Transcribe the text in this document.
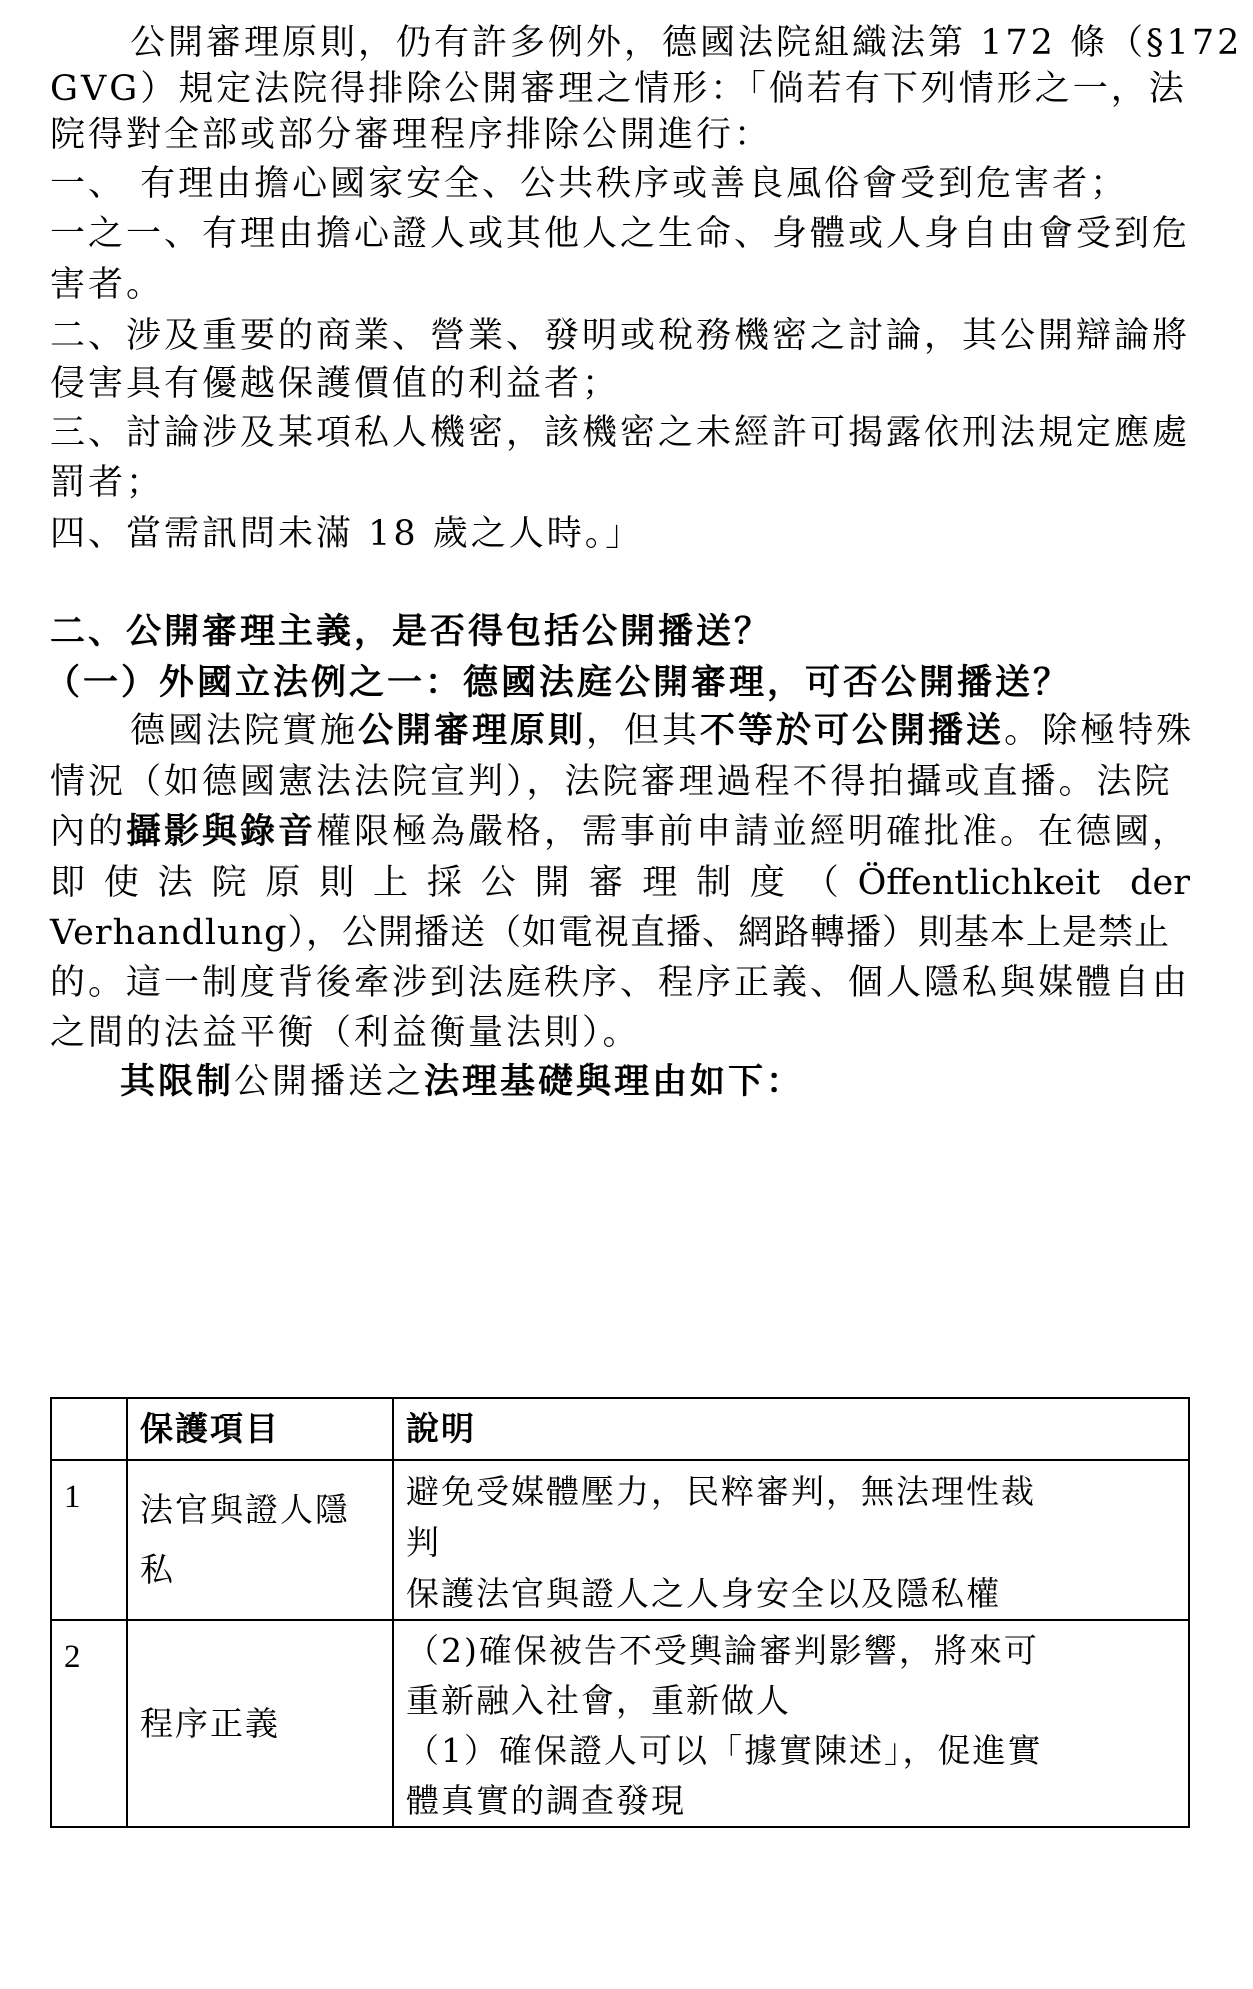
公開審理原則，仍有許多例外，德國法院組織法第 172 條（§172
GVG）規定法院得排除公開審理之情形：「倘若有下列情形之一，法
院得對全部或部分審理程序排除公開進行：
一、 有理由擔心國家安全、公共秩序或善良風俗會受到危害者；
一之一、有理由擔心證人或其他人之生命、身體或人身自由會受到危
害者。
二、涉及重要的商業、營業、發明或稅務機密之討論，其公開辯論將
侵害具有優越保護價值的利益者；
三、討論涉及某項私人機密，該機密之未經許可揭露依刑法規定應處
罰者；
四、當需訊問未滿 18 歲之人時。」
二、公開審理主義，是否得包括公開播送？
（一）外國立法例之一：德國法庭公開審理，可否公開播送？
德國法院實施公開審理原則，但其不等於可公開播送。除極特殊
情況（如德國憲法法院宣判），法院審理過程不得拍攝或直播。法院
內的攝影與錄音權限極為嚴格，需事前申請並經明確批准。在德國，
即使法院原則上採公開審理制度（Öffentlichkeit der
Verhandlung），公開播送（如電視直播、網路轉播）則基本上是禁止
的。這一制度背後牽涉到法庭秩序、程序正義、個人隱私與媒體自由
之間的法益平衡（利益衡量法則）。
其限制公開播送之法理基礎與理由如下：
	保護項目	說明
1	法官與證人隱私	避免受媒體壓力，民粹審判，無法理性裁
判
保護法官與證人之人身安全以及隱私權

2	程序正義	（2)確保被告不受輿論審判影響，將來可
重新融入社會，重新做人
（1）確保證人可以「據實陳述」，促進實
體真實的調查發現
